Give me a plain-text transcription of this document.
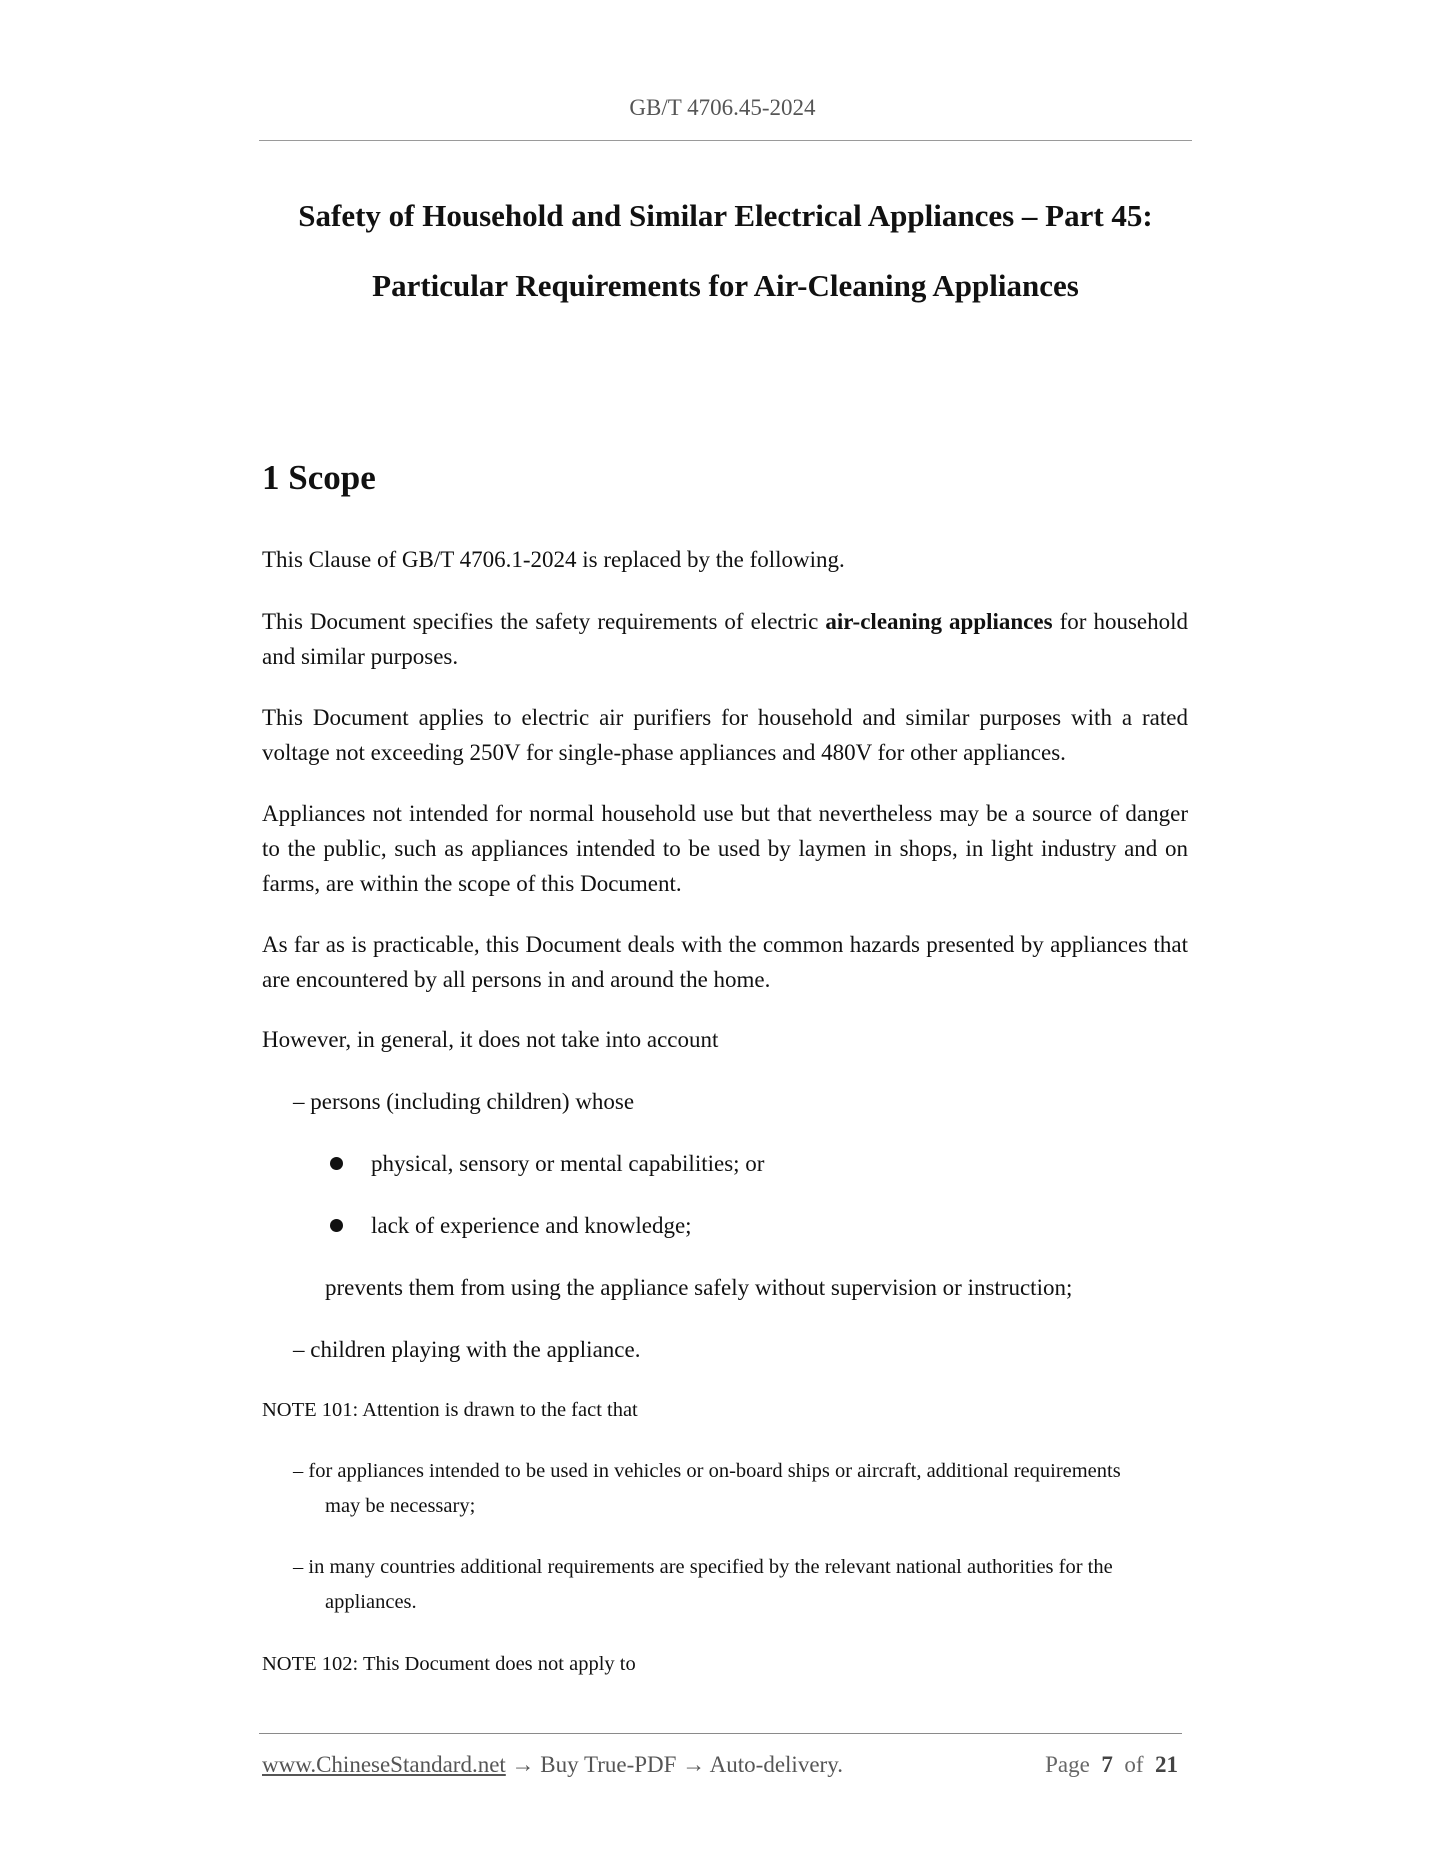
GB/T 4706.45-2024
Safety of Household and Similar Electrical Appliances – Part 45:
Particular Requirements for Air-Cleaning Appliances
1 Scope
This Clause of GB/T 4706.1-2024 is replaced by the following.
This Document specifies the safety requirements of electric air-cleaning appliances for household and similar purposes.
This Document applies to electric air purifiers for household and similar purposes with a rated voltage not exceeding 250V for single-phase appliances and 480V for other appliances.
Appliances not intended for normal household use but that nevertheless may be a source of danger to the public, such as appliances intended to be used by laymen in shops, in light industry and on farms, are within the scope of this Document.
As far as is practicable, this Document deals with the common hazards presented by appliances that are encountered by all persons in and around the home.
However, in general, it does not take into account
– persons (including children) whose
physical, sensory or mental capabilities; or
lack of experience and knowledge;
prevents them from using the appliance safely without supervision or instruction;
– children playing with the appliance.
NOTE 101: Attention is drawn to the fact that
– for appliances intended to be used in vehicles or on-board ships or aircraft, additional requirements
may be necessary;
– in many countries additional requirements are specified by the relevant national authorities for the
appliances.
NOTE 102: This Document does not apply to
www.ChineseStandard.net → Buy True-PDF → Auto-delivery.	Page 7 of 21
